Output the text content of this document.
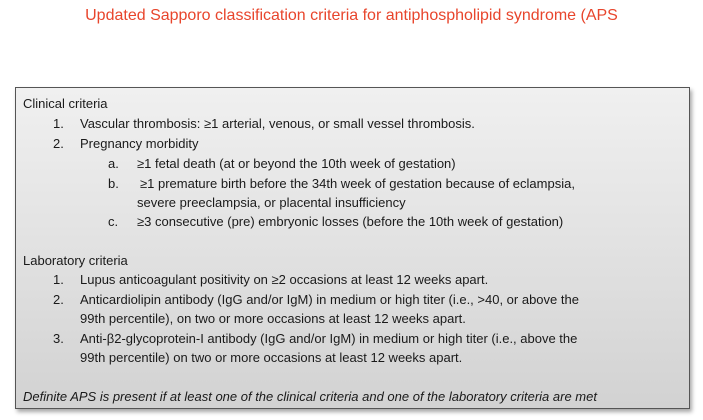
Updated Sapporo classification criteria for antiphospholipid syndrome (APS
Clinical criteria
1. Vascular thrombosis: ≥1 arterial, venous, or small vessel thrombosis.
2. Pregnancy morbidity
a. ≥1 fetal death (at or beyond the 10th week of gestation)
b. ≥1 premature birth before the 34th week of gestation because of eclampsia,
severe preeclampsia, or placental insufficiency
c. ≥3 consecutive (pre) embryonic losses (before the 10th week of gestation)
Laboratory criteria
1. Lupus anticoagulant positivity on ≥2 occasions at least 12 weeks apart.
2. Anticardiolipin antibody (IgG and/or IgM) in medium or high titer (i.e., >40, or above the
99th percentile), on two or more occasions at least 12 weeks apart.
3. Anti-β2-glycoprotein-I antibody (IgG and/or IgM) in medium or high titer (i.e., above the
99th percentile) on two or more occasions at least 12 weeks apart.
Definite APS is present if at least one of the clinical criteria and one of the laboratory criteria are met
